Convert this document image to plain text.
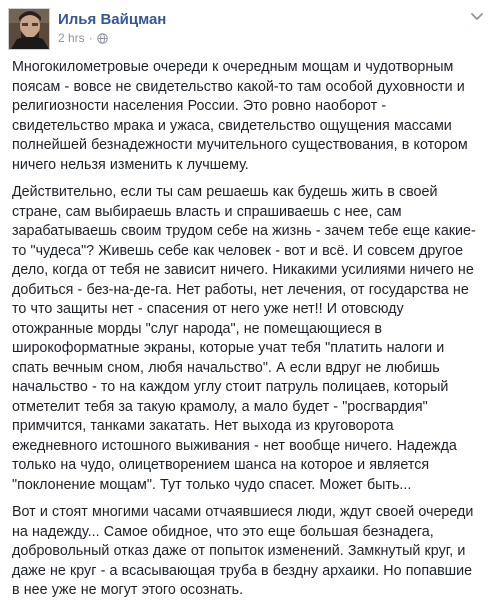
Илья Вайцман
2 hrs ·

Многокилометровые очереди к очередным мощам и чудотворным поясам - вовсе не свидетельство какой-то там особой духовности и религиозности населения России. Это ровно наоборот - свидетельство мрака и ужаса, свидетельство ощущения массами полнейшей безнадежности мучительного существования, в котором ничего нельзя изменить к лучшему.

Действительно, если ты сам решаешь как будешь жить в своей стране, сам выбираешь власть и спрашиваешь с нее, сам зарабатываешь своим трудом себе на жизнь - зачем тебе еще какие-то "чудеса"? Живешь себе как человек - вот и всё. И совсем другое дело, когда от тебя не зависит ничего. Никакими усилиями ничего не добиться - без-на-де-га. Нет работы, нет лечения, от государства не то что защиты нет - спасения от него уже нет!! И отовсюду отожранные морды "слуг народа", не помещающиеся в широкоформатные экраны, которые учат тебя "платить налоги и спать вечным сном, любя начальство". А если вдруг не любишь начальство - то на каждом углу стоит патруль полицаев, который отметелит тебя за такую крамолу, а мало будет - "росгвардия" примчится, танками закатать. Нет выхода из круговорота ежедневного истошного выживания - нет вообще ничего. Надежда только на чудо, олицетворением шанса на которое и является "поклонение мощам". Тут только чудо спасет. Может быть...

Вот и стоят многими часами отчаявшиеся люди, ждут своей очереди на надежду... Самое обидное, что это еще большая безнадега, добровольный отказ даже от попыток изменений. Замкнутый круг, и даже не круг - а всасывающая труба в бездну архаики. Но попавшие в нее уже не могут этого осознать.
